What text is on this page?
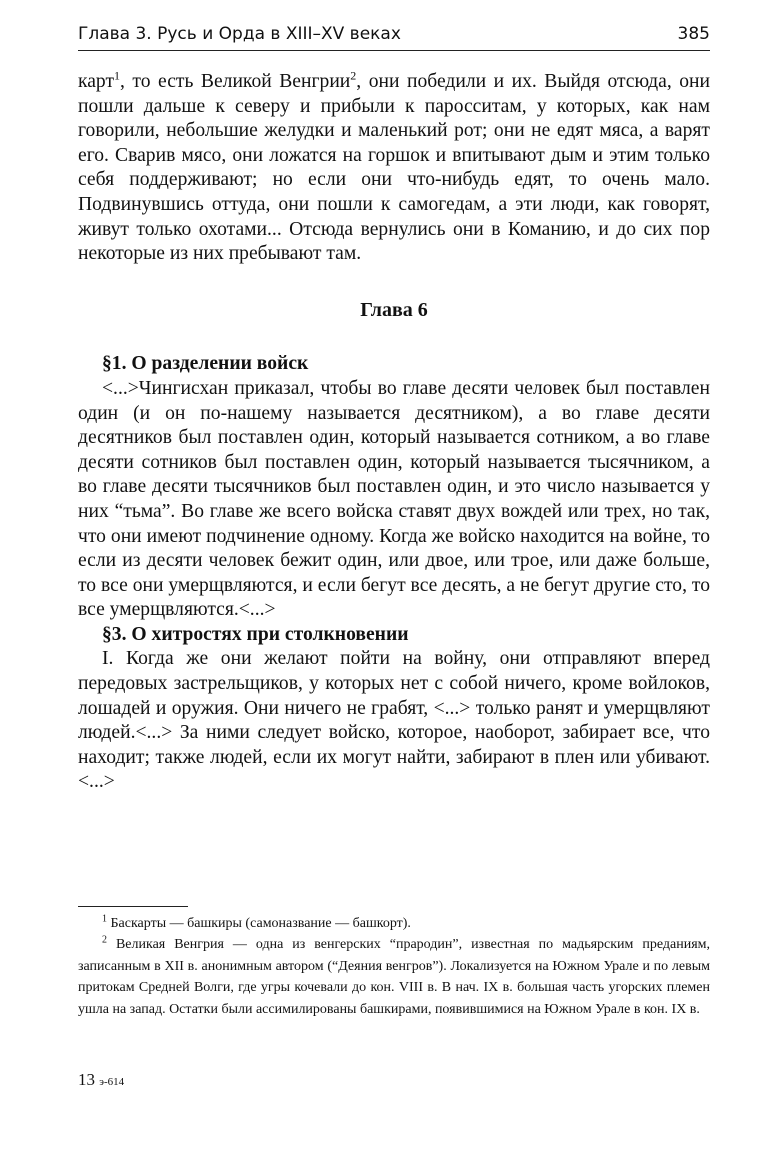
Глава 3. Русь и Орда в XIII–XV веках	385

карт$^1$, то есть Великой Венгрии$^2$, они победили и их. Выйдя отсюда, они пошли дальше к северу и прибыли к паросситам, у которых, как нам говорили, небольшие желудки и маленький рот; они не едят мяса, а варят его. Сварив мясо, они ложатся на горшок и впитывают дым и этим только себя поддерживают; но если они что-нибудь едят, то очень мало. Подвинувшись оттуда, они пошли к самогедам, а эти люди, как говорят, живут только охотами... Отсюда вернулись они в Команию, и до сих пор некоторые из них пребывают там.

Глава 6

§1. О разделении войск

<...>Чингисхан приказал, чтобы во главе десяти человек был поставлен один (и он по-нашему называется десятником), а во главе десяти десятников был поставлен один, который называется сотником, а во главе десяти сотников был поставлен один, который называется тысячником, а во главе десяти тысячников был поставлен один, и это число называется у них “тьма”. Во главе же всего войска ставят двух вождей или трех, но так, что они имеют подчинение одному. Когда же войско находится на войне, то если из десяти человек бежит один, или двое, или трое, или даже больше, то все они умерщвляются, и если бегут все десять, а не бегут другие сто, то все умерщвляются.<...>

§3. О хитростях при столкновении

I. Когда же они желают пойти на войну, они отправляют вперед передовых застрельщиков, у которых нет с собой ничего, кроме войлоков, лошадей и оружия. Они ничего не грабят, <...> только ранят и умерщвляют людей.<...> За ними следует войско, которое, наоборот, забирает все, что находит; также людей, если их могут найти, забирают в плен или убивают.<...>

$^1$ Баскарты — башкиры (самоназвание — башкорт).

$^2$ Великая Венгрия — одна из венгерских “прародин”, известная по мадьярским преданиям, записанным в XII в. анонимным автором (“Деяния венгров”). Локализуется на Южном Урале и по левым притокам Средней Волги, где угры кочевали до кон. VIII в. В нач. IX в. большая часть угорских племен ушла на запад. Остатки были ассимилированы башкирами, появившимися на Южном Урале в кон. IX в.

13 э-614
